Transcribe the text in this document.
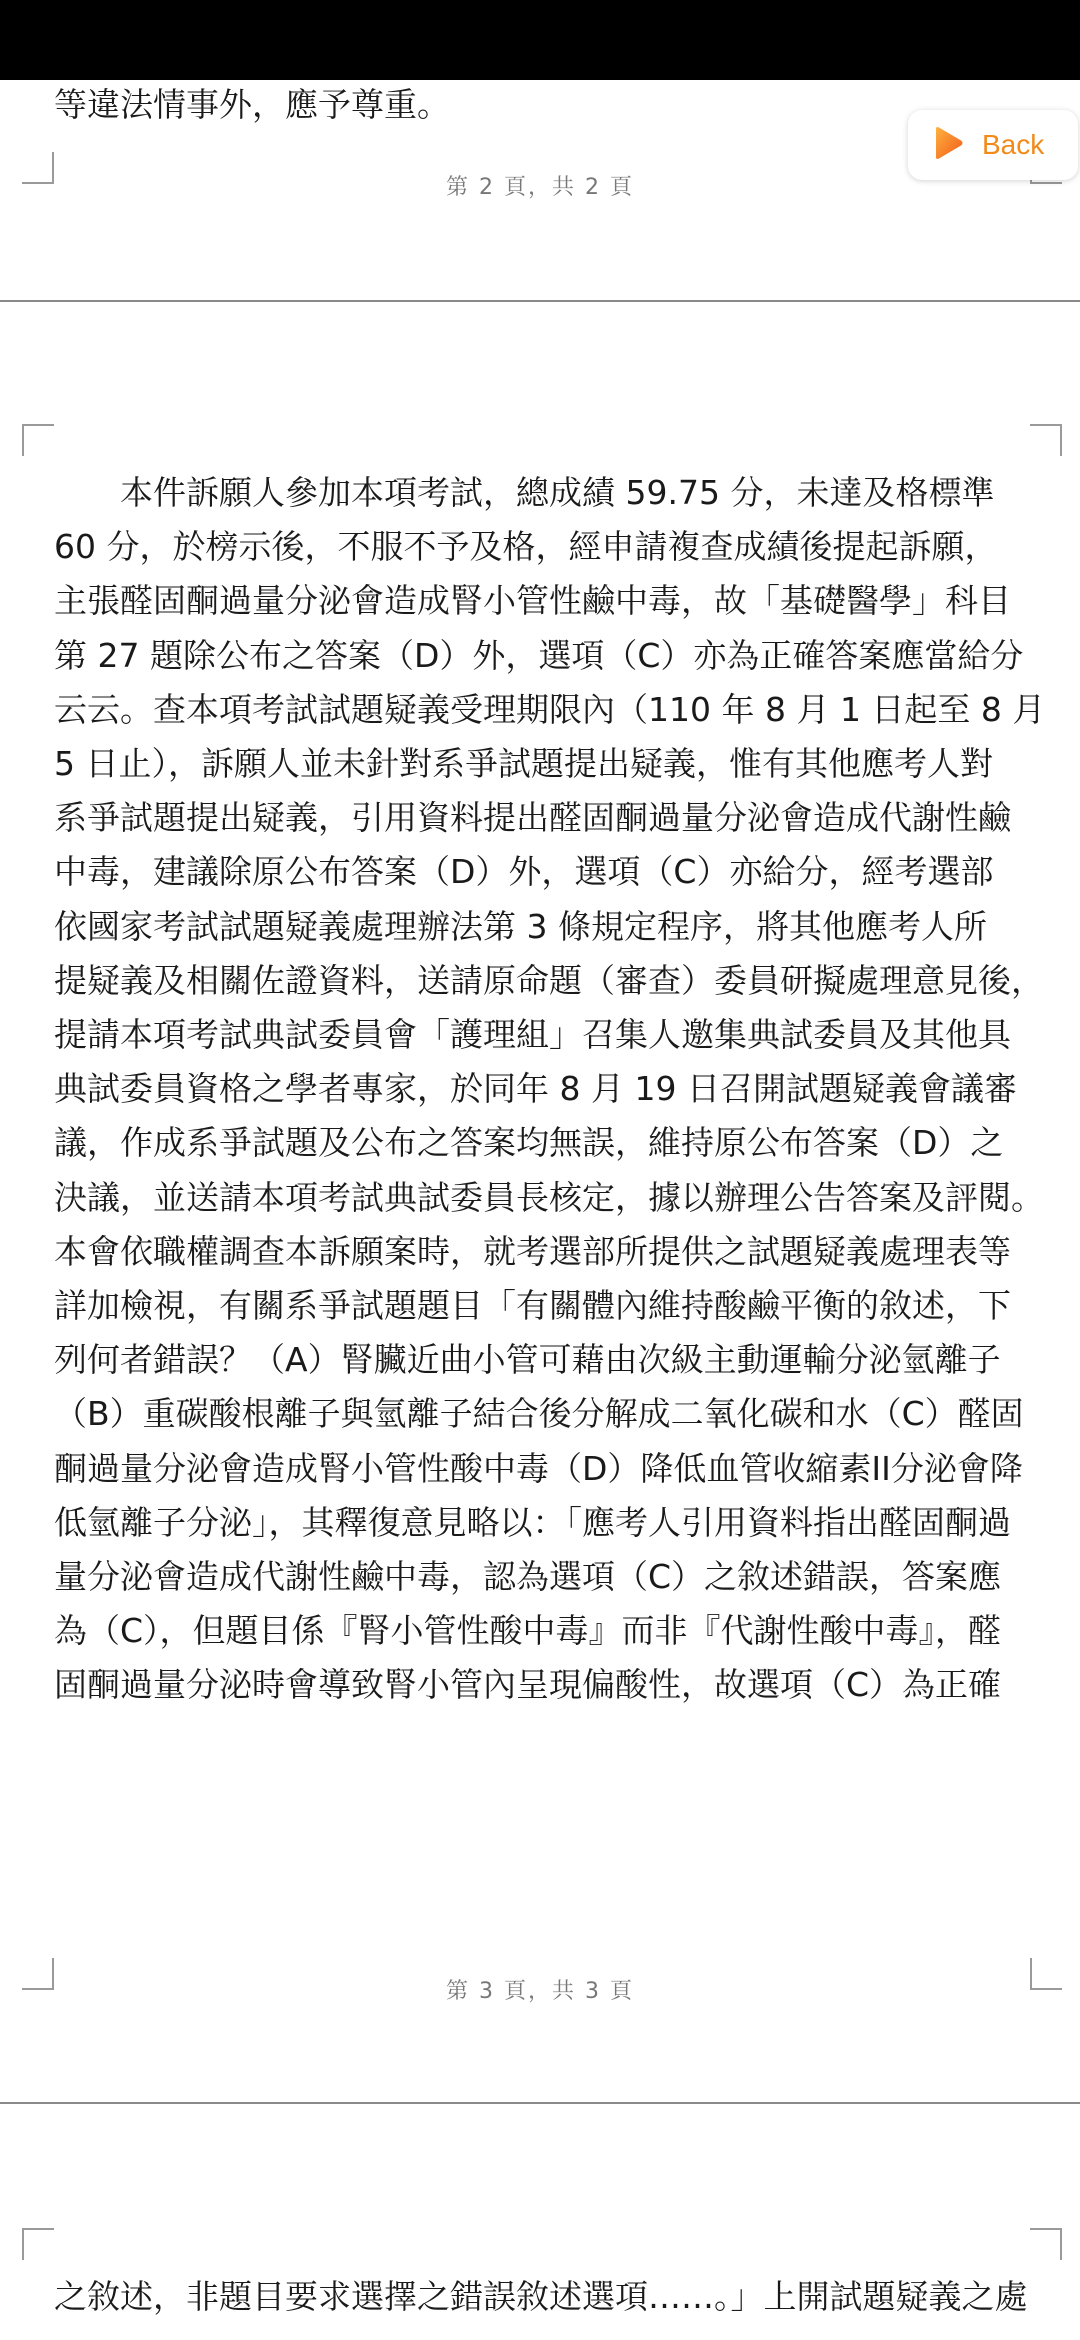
等違法情事外，應予尊重。
第 2 頁，共 2 頁
Back
　　本件訴願人參加本項考試，總成績 59.75 分，未達及格標準
60 分，於榜示後，不服不予及格，經申請複查成績後提起訴願，
主張醛固酮過量分泌會造成腎小管性鹼中毒，故「基礎醫學」科目
第 27 題除公布之答案（D）外，選項（C）亦為正確答案應當給分
云云。查本項考試試題疑義受理期限內（110 年 8 月 1 日起至 8 月
5 日止），訴願人並未針對系爭試題提出疑義，惟有其他應考人對
系爭試題提出疑義，引用資料提出醛固酮過量分泌會造成代謝性鹼
中毒，建議除原公布答案（D）外，選項（C）亦給分，經考選部
依國家考試試題疑義處理辦法第 3 條規定程序，將其他應考人所
提疑義及相關佐證資料，送請原命題（審查）委員研擬處理意見後，
提請本項考試典試委員會「護理組」召集人邀集典試委員及其他具
典試委員資格之學者專家，於同年 8 月 19 日召開試題疑義會議審
議，作成系爭試題及公布之答案均無誤，維持原公布答案（D）之
決議，並送請本項考試典試委員長核定，據以辦理公告答案及評閱。
本會依職權調查本訴願案時，就考選部所提供之試題疑義處理表等
詳加檢視，有關系爭試題題目「有關體內維持酸鹼平衡的敘述，下
列何者錯誤？（A）腎臟近曲小管可藉由次級主動運輸分泌氫離子
（B）重碳酸根離子與氫離子結合後分解成二氧化碳和水（C）醛固
酮過量分泌會造成腎小管性酸中毒（D）降低血管收縮素II分泌會降
低氫離子分泌」，其釋復意見略以：「應考人引用資料指出醛固酮過
量分泌會造成代謝性鹼中毒，認為選項（C）之敘述錯誤，答案應
為（C），但題目係『腎小管性酸中毒』而非『代謝性酸中毒』，醛
固酮過量分泌時會導致腎小管內呈現偏酸性，故選項（C）為正確
第 3 頁，共 3 頁
之敘述，非題目要求選擇之錯誤敘述選項……。」上開試題疑義之處
